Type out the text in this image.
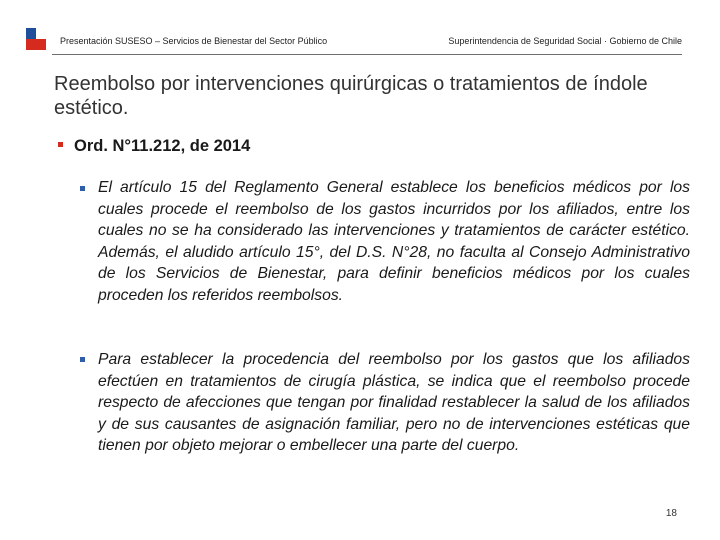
Presentación SUSESO – Servicios de Bienestar del Sector Público	Superintendencia de Seguridad Social · Gobierno de Chile
Reembolso por intervenciones quirúrgicas o tratamientos de índole estético.
Ord. N°11.212, de 2014
El artículo 15 del Reglamento General establece los beneficios médicos por los cuales procede el reembolso de los gastos incurridos por los afiliados, entre los cuales no se ha considerado las intervenciones y tratamientos de carácter estético. Además, el aludido artículo 15°, del D.S. N°28, no faculta al Consejo Administrativo de los Servicios de Bienestar, para definir beneficios médicos por los cuales proceden los referidos reembolsos.
Para establecer la procedencia del reembolso por los gastos que los afiliados efectúen en tratamientos de cirugía plástica, se indica que el reembolso procede respecto de afecciones que tengan por finalidad restablecer la salud de los afiliados y de sus causantes de asignación familiar, pero no de intervenciones estéticas que tienen por objeto mejorar o embellecer una parte del cuerpo.
18
